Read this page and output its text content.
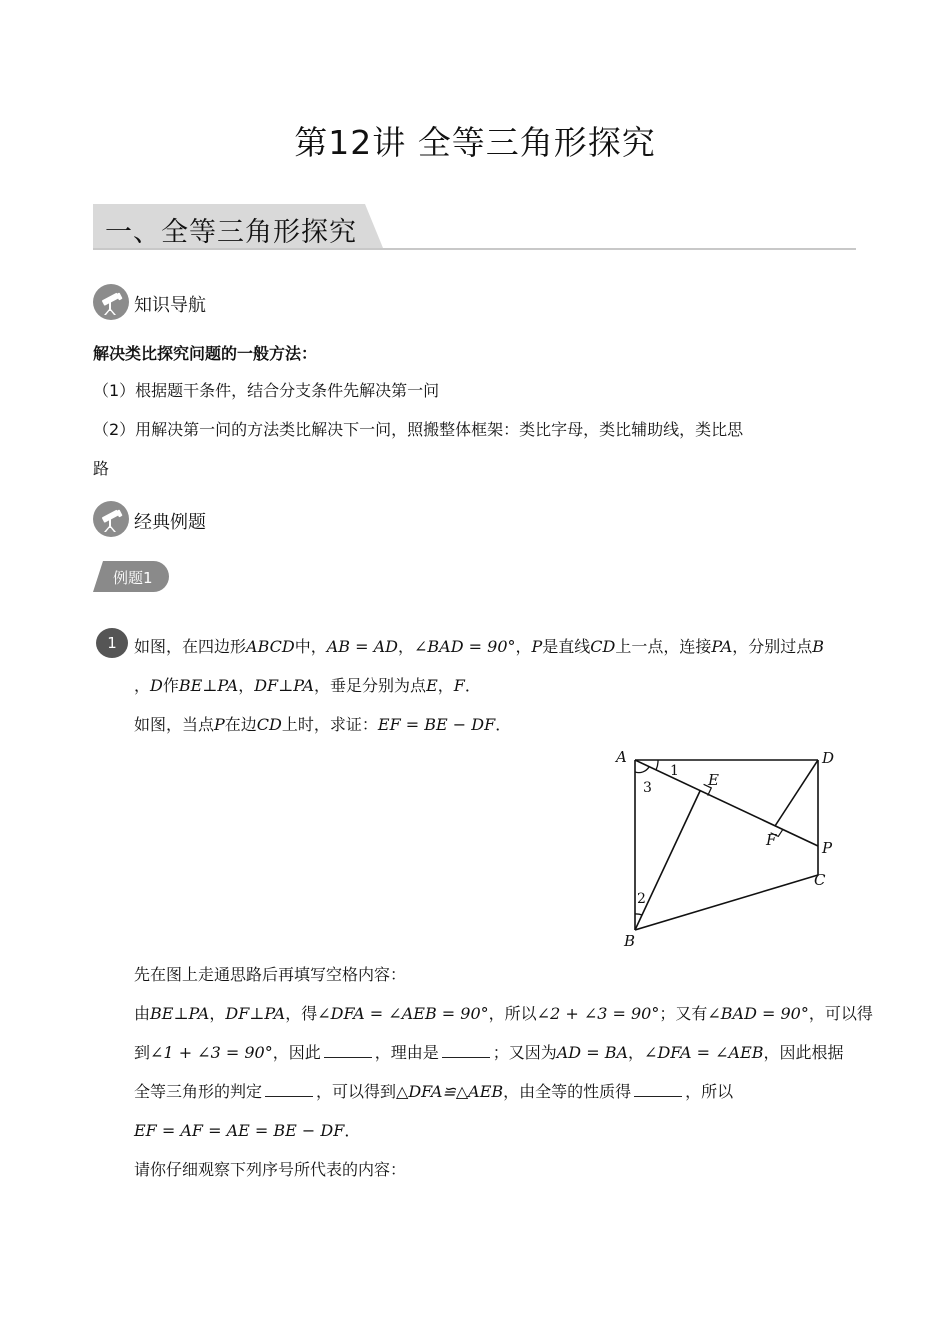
第12讲 全等三角形探究
一、全等三角形探究
知识导航
解决类比探究问题的一般方法：
（1）根据题干条件，结合分支条件先解决第一问
（2）用解决第一问的方法类比解决下一问，照搬整体框架：类比字母，类比辅助线，类比思
路
经典例题
例题1
1	如图，在四边形ABCD中，AB = AD，∠BAD = 90°，P是直线CD上一点，连接PA，分别过点B
，D作BE⊥PA，DF⊥PA，垂足分别为点E，F．
如图，当点P在边CD上时，求证：EF = BE − DF．
A	D
E
F	P
C
B
1
2
3
先在图上走通思路后再填写空格内容：
由BE⊥PA，DF⊥PA，得∠DFA = ∠AEB = 90°，所以∠2 + ∠3 = 90°；又有∠BAD = 90°，可以得
到∠1 + ∠3 = 90°，因此	，理由是	；又因为AD = BA，∠DFA = ∠AEB，因此根据
全等三角形的判定	，可以得到△DFA≌△AEB，由全等的性质得	，所以
EF = AF = AE = BE − DF．
请你仔细观察下列序号所代表的内容：
